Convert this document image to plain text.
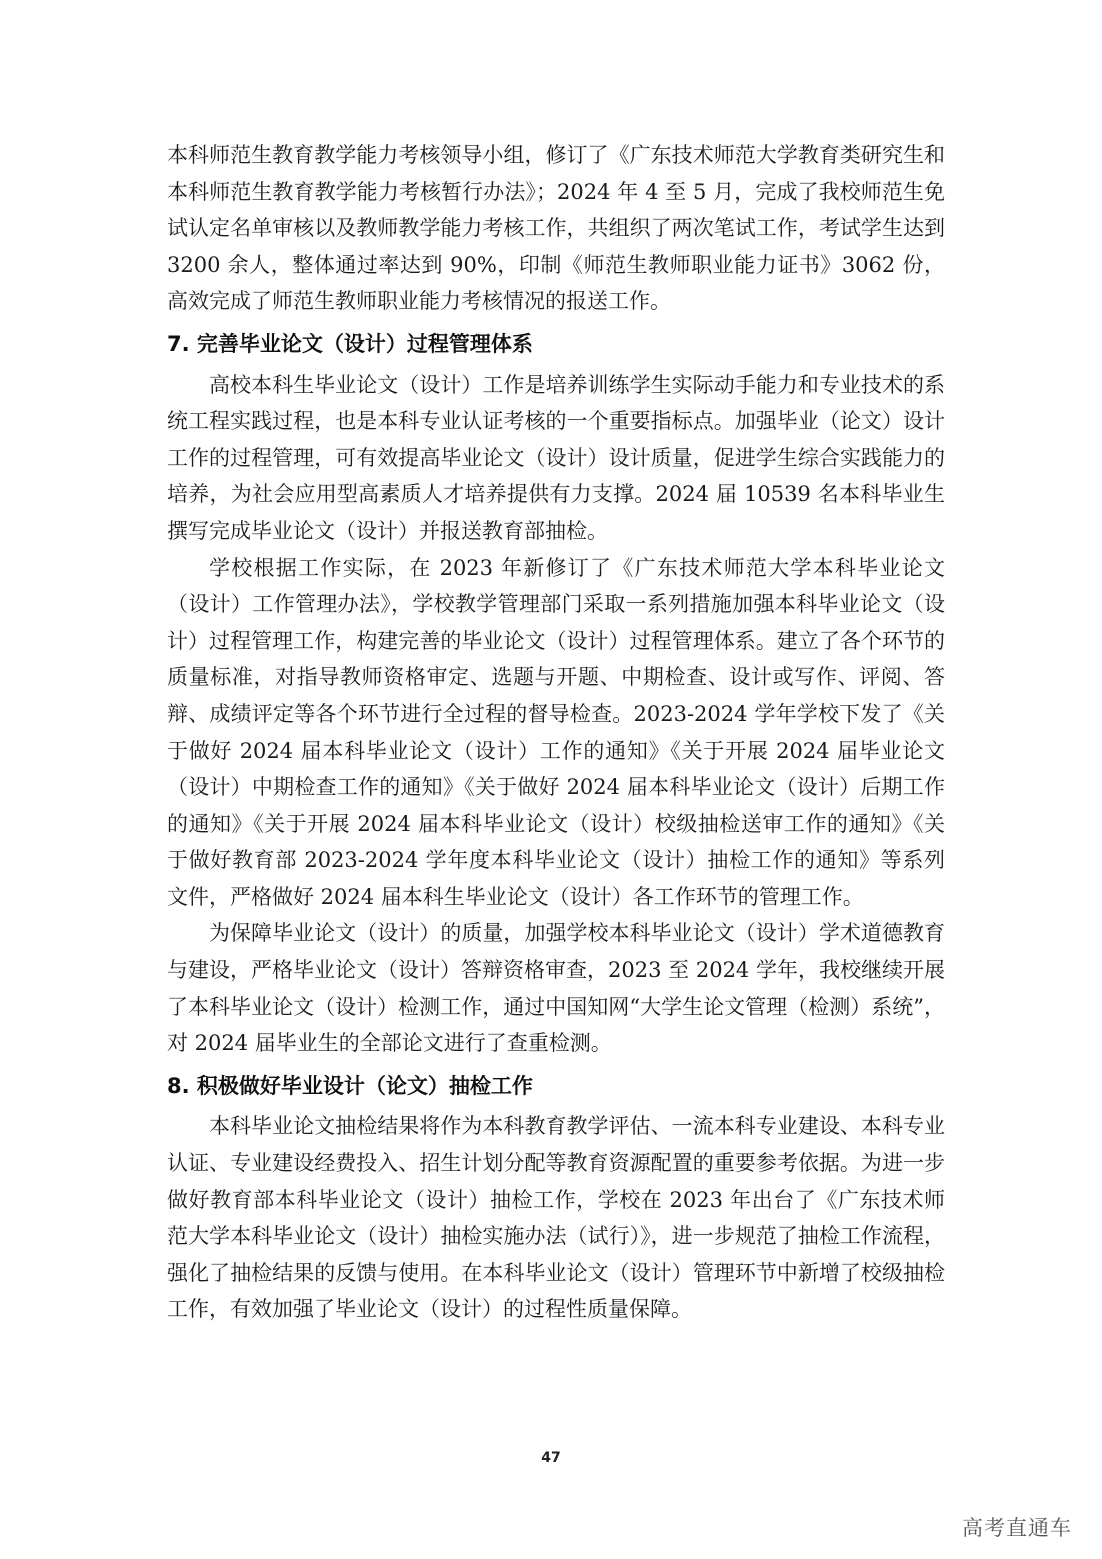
本科师范生教育教学能力考核领导小组，修订了《广东技术师范大学教育类研究生和本科师范生教育教学能力考核暂行办法》；2024 年 4 至 5 月，完成了我校师范生免试认定名单审核以及教师教学能力考核工作，共组织了两次笔试工作，考试学生达到 3200 余人，整体通过率达到 90%，印制《师范生教师职业能力证书》3062 份，高效完成了师范生教师职业能力考核情况的报送工作。

7. 完善毕业论文（设计）过程管理体系

高校本科生毕业论文（设计）工作是培养训练学生实际动手能力和专业技术的系统工程实践过程，也是本科专业认证考核的一个重要指标点。加强毕业（论文）设计工作的过程管理，可有效提高毕业论文（设计）设计质量，促进学生综合实践能力的培养，为社会应用型高素质人才培养提供有力支撑。2024 届 10539 名本科毕业生撰写完成毕业论文（设计）并报送教育部抽检。

学校根据工作实际，在 2023 年新修订了《广东技术师范大学本科毕业论文（设计）工作管理办法》，学校教学管理部门采取一系列措施加强本科毕业论文（设计）过程管理工作，构建完善的毕业论文（设计）过程管理体系。建立了各个环节的质量标准，对指导教师资格审定、选题与开题、中期检查、设计或写作、评阅、答辩、成绩评定等各个环节进行全过程的督导检查。2023-2024 学年学校下发了《关于做好 2024 届本科毕业论文（设计）工作的通知》《关于开展 2024 届毕业论文（设计）中期检查工作的通知》《关于做好 2024 届本科毕业论文（设计）后期工作的通知》《关于开展 2024 届本科毕业论文（设计）校级抽检送审工作的通知》《关于做好教育部 2023-2024 学年度本科毕业论文（设计）抽检工作的通知》等系列文件，严格做好 2024 届本科生毕业论文（设计）各工作环节的管理工作。

为保障毕业论文（设计）的质量，加强学校本科毕业论文（设计）学术道德教育与建设，严格毕业论文（设计）答辩资格审查，2023 至 2024 学年，我校继续开展了本科毕业论文（设计）检测工作，通过中国知网“大学生论文管理（检测）系统”，对 2024 届毕业生的全部论文进行了查重检测。

8. 积极做好毕业设计（论文）抽检工作

本科毕业论文抽检结果将作为本科教育教学评估、一流本科专业建设、本科专业认证、专业建设经费投入、招生计划分配等教育资源配置的重要参考依据。为进一步做好教育部本科毕业论文（设计）抽检工作，学校在 2023 年出台了《广东技术师范大学本科毕业论文（设计）抽检实施办法（试行）》，进一步规范了抽检工作流程，强化了抽检结果的反馈与使用。在本科毕业论文（设计）管理环节中新增了校级抽检工作，有效加强了毕业论文（设计）的过程性质量保障。

47
高考直通车
